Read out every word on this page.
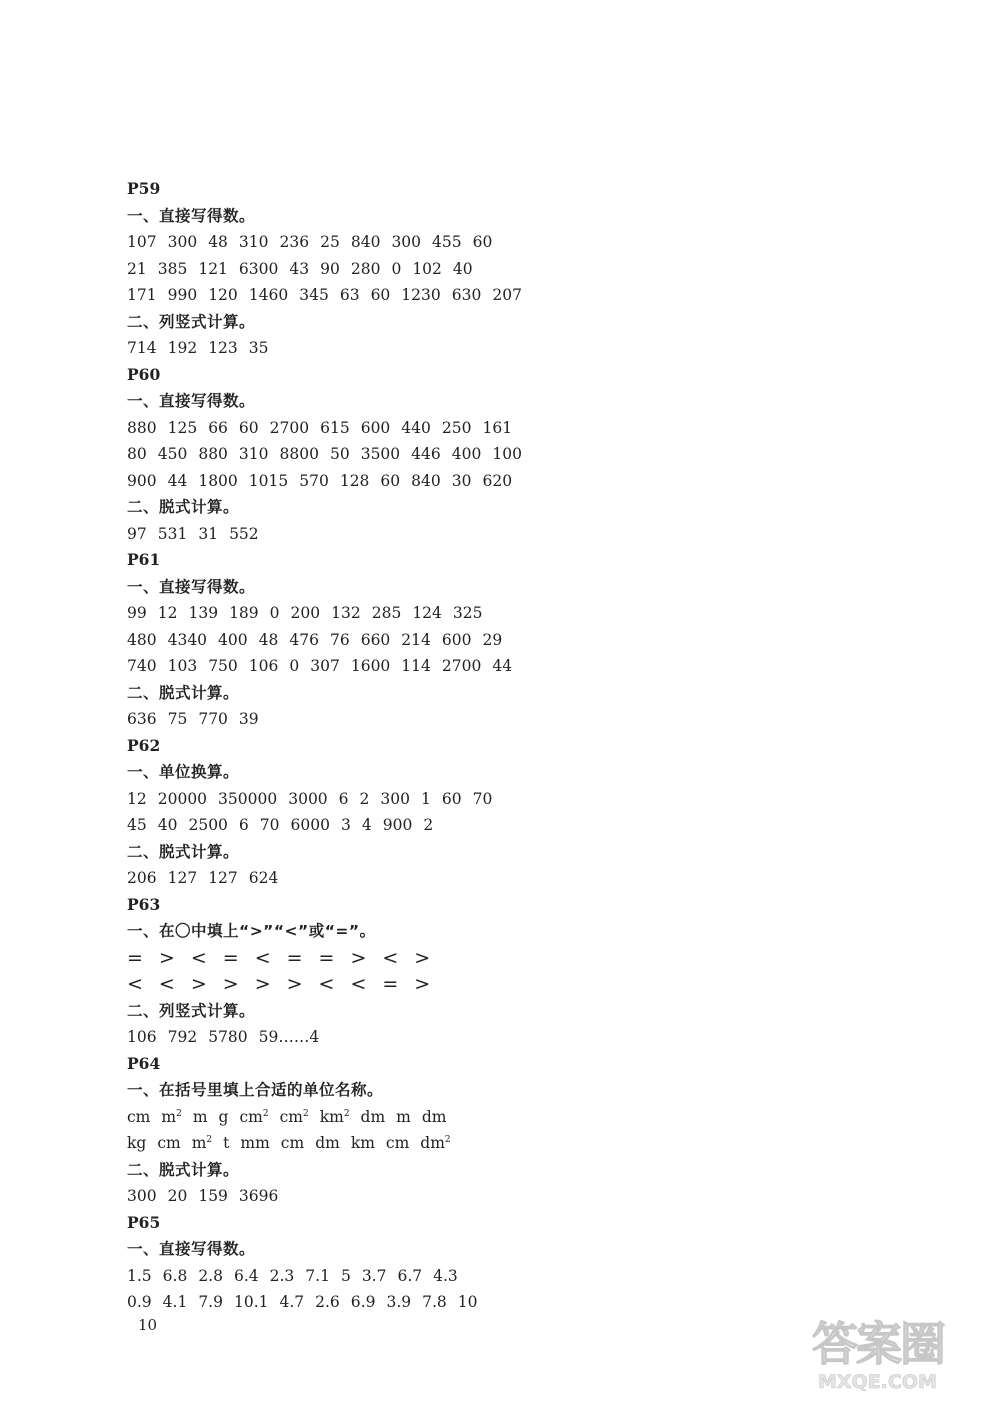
P59
一、直接写得数。
107 300 48 310 236 25 840 300 455 60
21 385 121 6300 43 90 280 0 102 40
171 990 120 1460 345 63 60 1230 630 207
二、列竖式计算。
714 192 123 35
P60
一、直接写得数。
880 125 66 60 2700 615 600 440 250 161
80 450 880 310 8800 50 3500 446 400 100
900 44 1800 1015 570 128 60 840 30 620
二、脱式计算。
97 531 31 552
P61
一、直接写得数。
99 12 139 189 0 200 132 285 124 325
480 4340 400 48 476 76 660 214 600 29
740 103 750 106 0 307 1600 114 2700 44
二、脱式计算。
636 75 770 39
P62
一、单位换算。
12 20000 350000 3000 6 2 300 1 60 70
45 40 2500 6 70 6000 3 4 900 2
二、脱式计算。
206 127 127 624
P63
一、在〇中填上“>”“<”或“=”。
= > < = < = = > < >
< < > > > > < < = >
二、列竖式计算。
106 792 5780 59……4
P64
一、在括号里填上合适的单位名称。
cm $m^2$ m g $cm^2$ $cm^2$ $km^2$ dm m dm
kg cm $m^2$ t mm cm dm km cm $dm^2$
二、脱式计算。
300 20 159 3696
P65
一、直接写得数。
1.5 6.8 2.8 6.4 2.3 7.1 5 3.7 6.7 4.3
0.9 4.1 7.9 10.1 4.7 2.6 6.9 3.9 7.8 10
10	答案圈
MXQE.COM
